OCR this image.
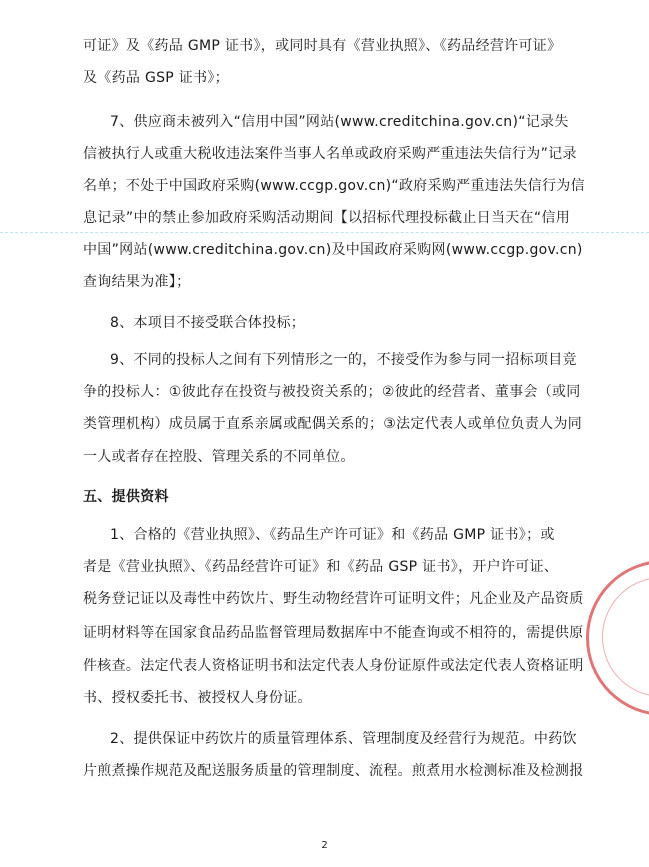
可证》及《药品 GMP 证书》，或同时具有《营业执照》、《药品经营许可证》
及《药品 GSP 证书》；
7、供应商未被列入“信用中国”网站(www.creditchina.gov.cn)“记录失
信被执行人或重大税收违法案件当事人名单或政府采购严重违法失信行为”记录
名单；不处于中国政府采购(www.ccgp.gov.cn)“政府采购严重违法失信行为信
息记录”中的禁止参加政府采购活动期间【以招标代理投标截止日当天在“信用
中国”网站(www.creditchina.gov.cn)及中国政府采购网(www.ccgp.gov.cn)
查询结果为准】；
8、本项目不接受联合体投标；
9、不同的投标人之间有下列情形之一的，不接受作为参与同一招标项目竞
争的投标人：①彼此存在投资与被投资关系的；②彼此的经营者、董事会（或同
类管理机构）成员属于直系亲属或配偶关系的；③法定代表人或单位负责人为同
一人或者存在控股、管理关系的不同单位。
五、提供资料
1、合格的《营业执照》、《药品生产许可证》和《药品 GMP 证书》；或
者是《营业执照》、《药品经营许可证》和《药品 GSP 证书》，开户许可证、
税务登记证以及毒性中药饮片、野生动物经营许可证明文件；凡企业及产品资质
证明材料等在国家食品药品监督管理局数据库中不能查询或不相符的，需提供原
件核查。法定代表人资格证明书和法定代表人身份证原件或法定代表人资格证明
书、授权委托书、被授权人身份证。
2、提供保证中药饮片的质量管理体系、管理制度及经营行为规范。中药饮
片煎煮操作规范及配送服务质量的管理制度、流程。煎煮用水检测标准及检测报
2
